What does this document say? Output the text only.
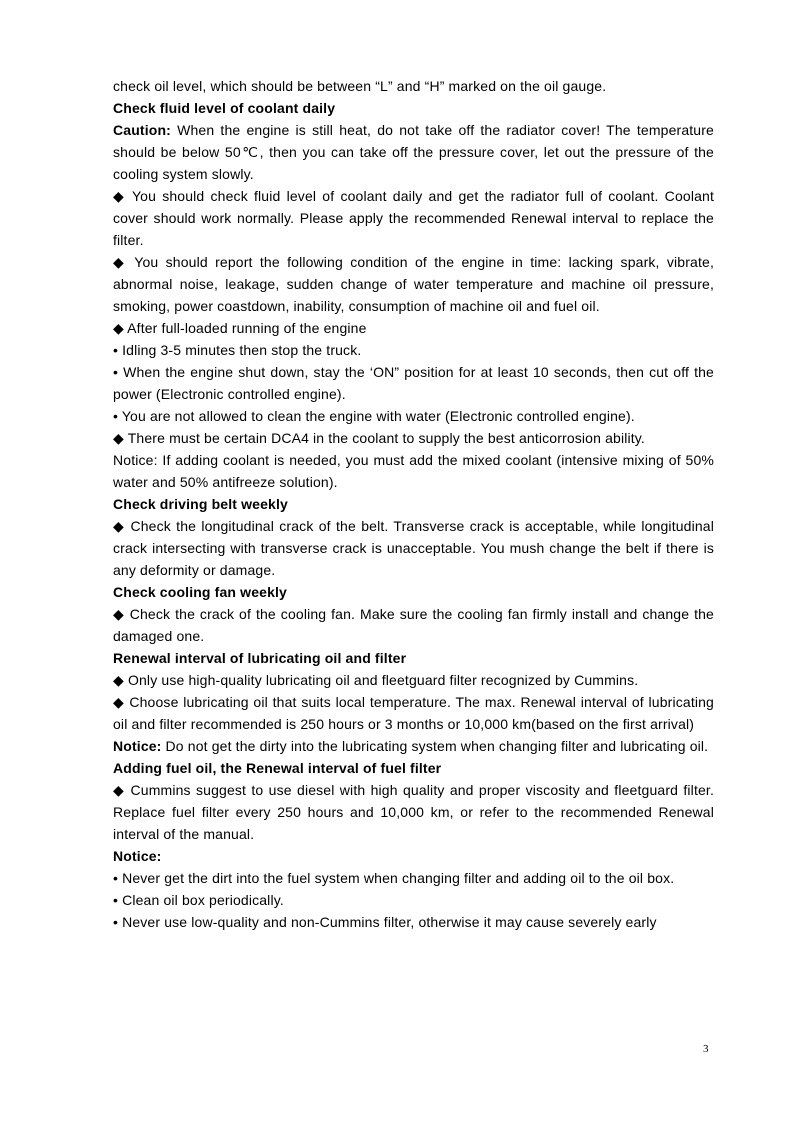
check oil level, which should be between “L” and “H” marked on the oil gauge.

Check fluid level of coolant daily

Caution: When the engine is still heat, do not take off the radiator cover! The temperature should be below 50℃, then you can take off the pressure cover, let out the pressure of the cooling system slowly.

◆ You should check fluid level of coolant daily and get the radiator full of coolant. Coolant cover should work normally. Please apply the recommended Renewal interval to replace the filter.

◆ You should report the following condition of the engine in time: lacking spark, vibrate, abnormal noise, leakage, sudden change of water temperature and machine oil pressure, smoking, power coastdown, inability, consumption of machine oil and fuel oil.

◆ After full-loaded running of the engine

• Idling 3-5 minutes then stop the truck.

• When the engine shut down, stay the ‘ON” position for at least 10 seconds, then cut off the power (Electronic controlled engine).

• You are not allowed to clean the engine with water (Electronic controlled engine).

◆ There must be certain DCA4 in the coolant to supply the best anticorrosion ability.

Notice: If adding coolant is needed, you must add the mixed coolant (intensive mixing of 50% water and 50% antifreeze solution).

Check driving belt weekly

◆ Check the longitudinal crack of the belt. Transverse crack is acceptable, while longitudinal crack intersecting with transverse crack is unacceptable. You mush change the belt if there is any deformity or damage.

Check cooling fan weekly

◆ Check the crack of the cooling fan. Make sure the cooling fan firmly install and change the damaged one.

Renewal interval of lubricating oil and filter

◆ Only use high-quality lubricating oil and fleetguard filter recognized by Cummins.

◆ Choose lubricating oil that suits local temperature. The max. Renewal interval of lubricating oil and filter recommended is 250 hours or 3 months or 10,000 km(based on the first arrival)

Notice: Do not get the dirty into the lubricating system when changing filter and lubricating oil.

Adding fuel oil, the Renewal interval of fuel filter

◆ Cummins suggest to use diesel with high quality and proper viscosity and fleetguard filter. Replace fuel filter every 250 hours and 10,000 km, or refer to the recommended Renewal interval of the manual.

Notice:

• Never get the dirt into the fuel system when changing filter and adding oil to the oil box.

• Clean oil box periodically.

• Never use low-quality and non-Cummins filter, otherwise it may cause severely early

3
